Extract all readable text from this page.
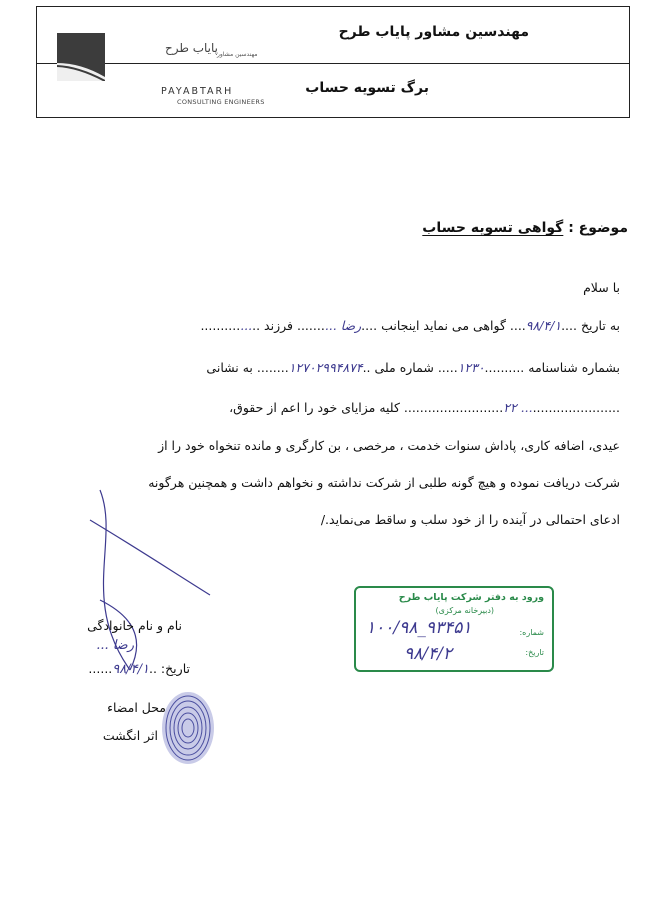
مهندسین مشاور پایاب طرح
برگ تسویه حساب
مهندسین مشاور
پایاب طرح
PAYABTARH
CONSULTING ENGINEERS
موضوع : گواهی تسویه حساب
با سلام
به تاریخ ....۹۸/۴/۱.... گواهی می نماید اینجانب ....رضا .......... فرزند ...............
بشماره شناسنامه ..........۱۲۳۰..... شماره ملی ..۱۲۷۰۲۹۹۴۸۷۴........ به نشانی
......................... ۲۲......................... کلیه مزایای خود را اعم از حقوق،
عیدی، اضافه کاری، پاداش سنوات خدمت ، مرخصی ، بن کارگری و مانده تنخواه خود را از
شرکت دریافت نموده و هیچ گونه طلبی از شرکت نداشته و نخواهم داشت و همچنین هرگونه
ادعای احتمالی در آینده را از خود سلب و ساقط می‌نماید./
نام و نام خانوادگی
رضا ...
تاریخ: ..۹۸/۴/۱......
محل امضاء
اثر انگشت
ورود به دفتر شرکت پایاب طرح
(دبیرخانه مرکزی)
شماره:
تاریخ:
۱۰۰/۹۸_۹۳۴۵۱
۹۸/۴/۲
